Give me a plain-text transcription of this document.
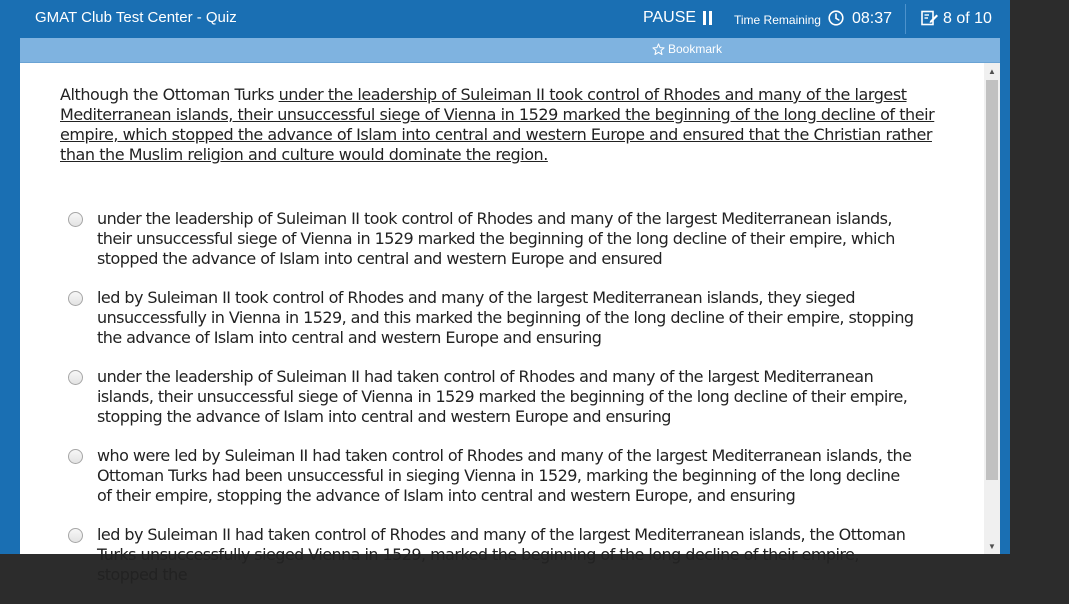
GMAT Club Test Center - Quiz	PAUSE	Time Remaining 08:37	8 of 10
Bookmark
Although the Ottoman Turks under the leadership of Suleiman II took control of Rhodes and many of the largest Mediterranean islands, their unsuccessful siege of Vienna in 1529 marked the beginning of the long decline of their empire, which stopped the advance of Islam into central and western Europe and ensured that the Christian rather than the Muslim religion and culture would dominate the region.
under the leadership of Suleiman II took control of Rhodes and many of the largest Mediterranean islands, their unsuccessful siege of Vienna in 1529 marked the beginning of the long decline of their empire, which stopped the advance of Islam into central and western Europe and ensured
led by Suleiman II took control of Rhodes and many of the largest Mediterranean islands, they sieged unsuccessfully in Vienna in 1529, and this marked the beginning of the long decline of their empire, stopping the advance of Islam into central and western Europe and ensuring
under the leadership of Suleiman II had taken control of Rhodes and many of the largest Mediterranean islands, their unsuccessful siege of Vienna in 1529 marked the beginning of the long decline of their empire, stopping the advance of Islam into central and western Europe and ensuring
who were led by Suleiman II had taken control of Rhodes and many of the largest Mediterranean islands, the Ottoman Turks had been unsuccessful in sieging Vienna in 1529, marking the beginning of the long decline of their empire, stopping the advance of Islam into central and western Europe, and ensuring
led by Suleiman II had taken control of Rhodes and many of the largest Mediterranean islands, the Ottoman Turks unsuccessfully sieged Vienna in 1529, marked the beginning of the long decline of their empire, stopped the
▲
▼
